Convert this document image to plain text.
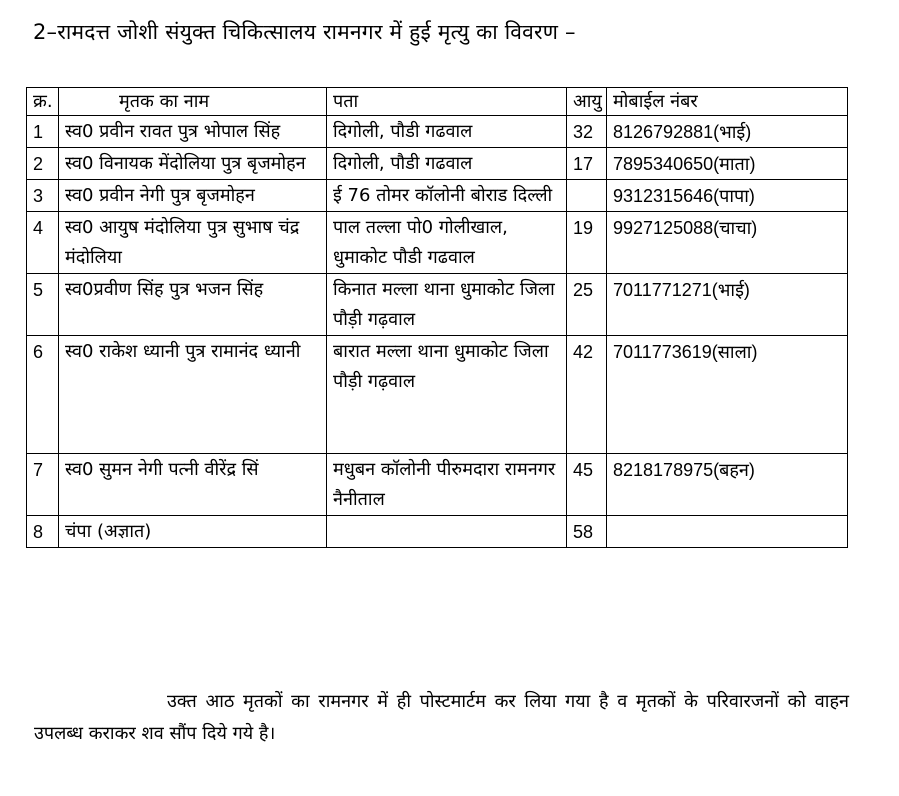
2–रामदत्त जोशी संयुक्त चिकित्सालय रामनगर में हुई मृत्यु का विवरण –
क्र.	मृतक का नाम	पता	आयु	मोबाईल नंबर
1	स्व0 प्रवीन रावत पुत्र भोपाल सिंह	दिगोली, पौडी गढवाल	32	8126792881(भाई)
2	स्व0 विनायक मेंदोलिया पुत्र बृजमोहन	दिगोली, पौडी गढवाल	17	7895340650(माता)
3	स्व0 प्रवीन नेगी पुत्र बृजमोहन	ई 76 तोमर कॉलोनी बोराड दिल्ली		9312315646(पापा)
4	स्व0 आयुष मंदोलिया पुत्र सुभाष चंद्र मंदोलिया	पाल तल्ला पो0 गोलीखाल, धुमाकोट पौडी गढवाल	19	9927125088(चाचा)
5	स्व0प्रवीण सिंह पुत्र भजन सिंह	किनात मल्ला थाना धुमाकोट जिला पौड़ी गढ़वाल	25	7011771271(भाई)
6	स्व0 राकेश ध्यानी पुत्र रामानंद ध्यानी	बारात मल्ला थाना धुमाकोट जिला पौड़ी गढ़वाल	42	7011773619(साला)
7	स्व0 सुमन नेगी पत्नी वीरेंद्र सिं	मधुबन कॉलोनी पीरुमदारा रामनगर नैनीताल	45	8218178975(बहन)
8	चंपा (अज्ञात)		58	
उक्त आठ मृतकों का रामनगर में ही पोस्टमार्टम कर लिया गया है व मृतकों के परिवारजनों को वाहन उपलब्ध कराकर शव सौंप दिये गये है।
